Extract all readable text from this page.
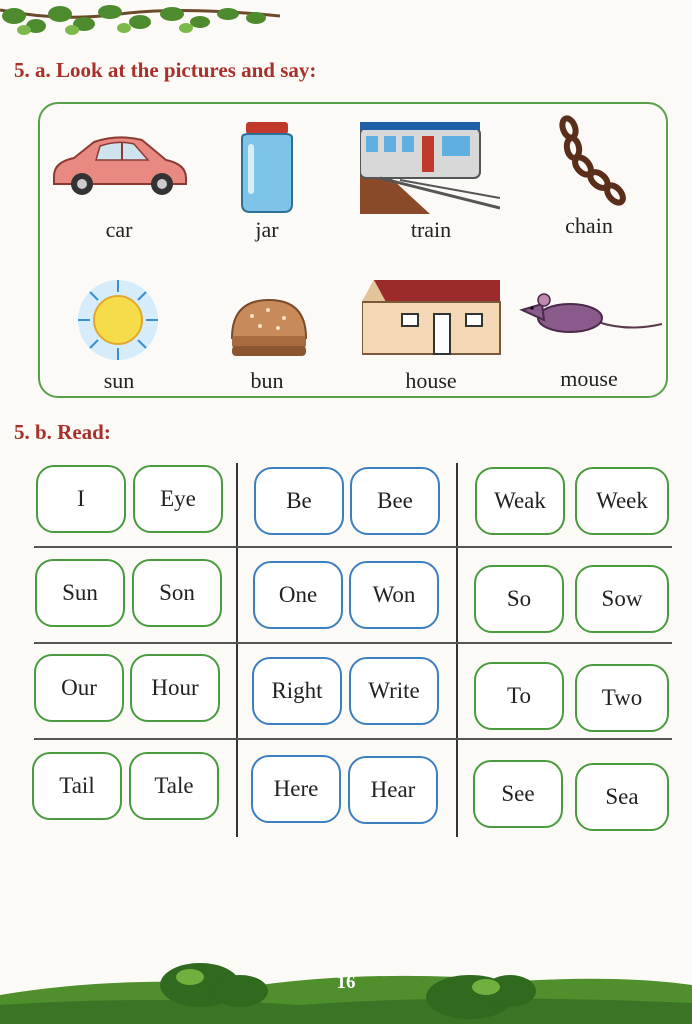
5. a. Look at the pictures and say:
car	jar	train	chain
sun	bun	house	mouse
5. b. Read:
I	Eye	Be	Bee	Weak	Week
Sun	Son	One	Won	So	Sow
Our	Hour	Right	Write	To	Two
Tail	Tale	Here	Hear	See	Sea
16
